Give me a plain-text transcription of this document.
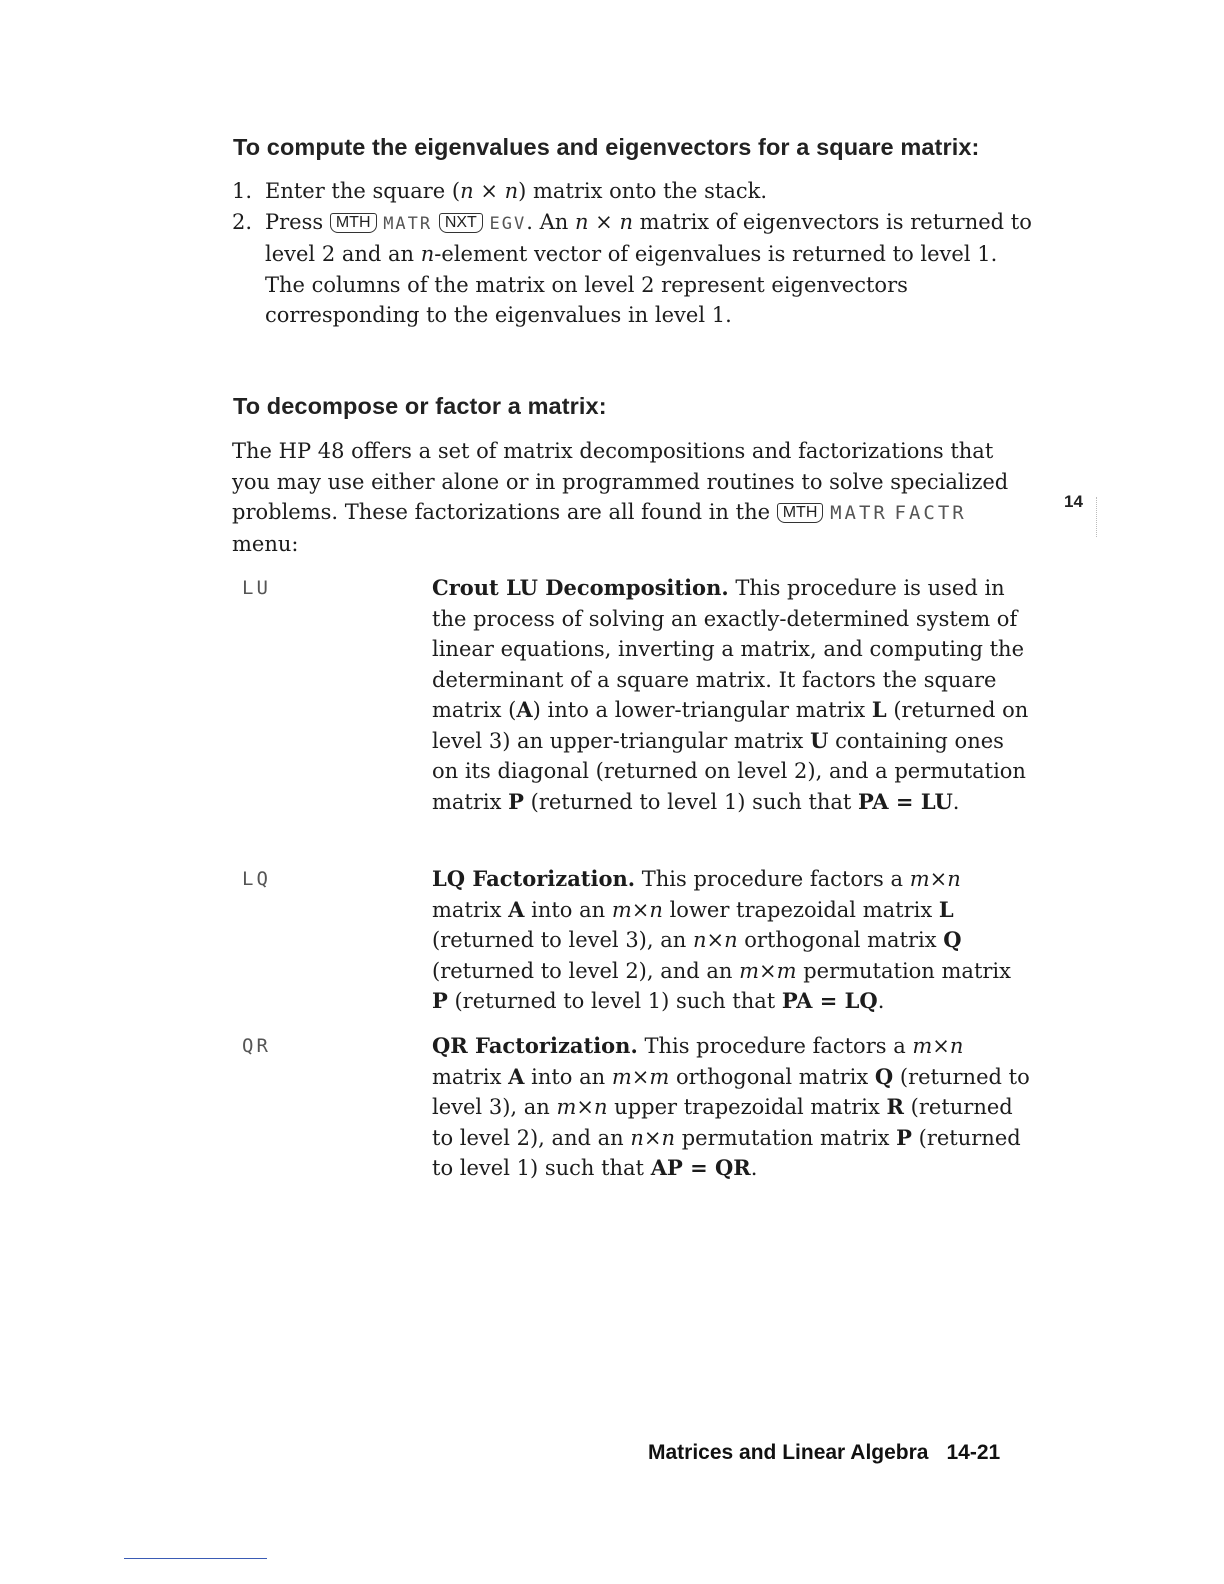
To compute the eigenvalues and eigenvectors for a square matrix:
1. Enter the square (n × n) matrix onto the stack.
2. Press MTH MATR NXT EGV. An n × n matrix of eigenvectors is returned to level 2 and an n-element vector of eigenvalues is returned to level 1. The columns of the matrix on level 2 represent eigenvectors corresponding to the eigenvalues in level 1.
To decompose or factor a matrix:
The HP 48 offers a set of matrix decompositions and factorizations that you may use either alone or in programmed routines to solve specialized problems. These factorizations are all found in the MTH MATR FACTR menu:
LU	Crout LU Decomposition. This procedure is used in the process of solving an exactly-determined system of linear equations, inverting a matrix, and computing the determinant of a square matrix. It factors the square matrix (A) into a lower-triangular matrix L (returned on level 3) an upper-triangular matrix U containing ones on its diagonal (returned on level 2), and a permutation matrix P (returned to level 1) such that PA = LU.
LQ	LQ Factorization. This procedure factors a m×n matrix A into an m×n lower trapezoidal matrix L (returned to level 3), an n×n orthogonal matrix Q (returned to level 2), and an m×m permutation matrix P (returned to level 1) such that PA = LQ.
QR	QR Factorization. This procedure factors a m×n matrix A into an m×m orthogonal matrix Q (returned to level 3), an m×n upper trapezoidal matrix R (returned to level 2), and an n×n permutation matrix P (returned to level 1) such that AP = QR.
14
Matrices and Linear Algebra 14-21
